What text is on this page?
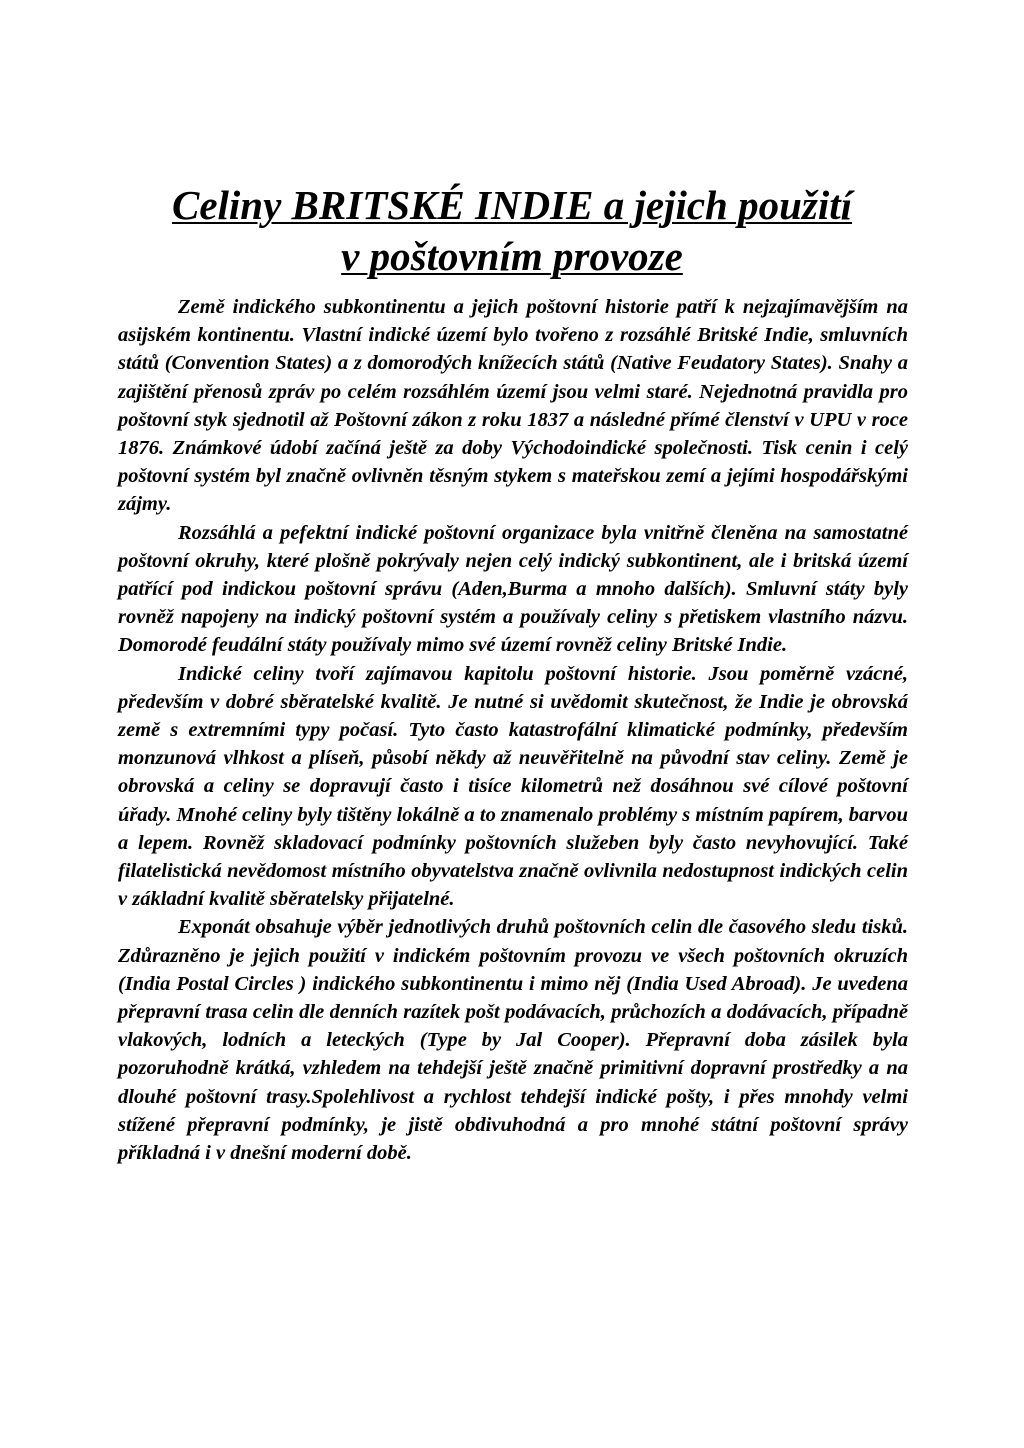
Celiny BRITSKÉ INDIE a jejich použití
v poštovním provoze

Země indického subkontinentu a jejich poštovní historie patří k nejzajímavějším na asijském kontinentu. Vlastní indické území bylo tvořeno z rozsáhlé Britské Indie, smluvních států (Convention States) a z domorodých knížecích států (Native Feudatory States). Snahy a zajištění přenosů zpráv po celém rozsáhlém území jsou velmi staré. Nejednotná pravidla pro poštovní styk sjednotil až Poštovní zákon z roku 1837 a následné přímé členství v UPU v roce 1876. Známkové údobí začíná ještě za doby Východoindické společnosti. Tisk cenin i celý poštovní systém byl značně ovlivněn těsným stykem s mateřskou zemí a jejími hospodářskými zájmy.

Rozsáhlá a pefektní indické poštovní organizace byla vnitřně členěna na samostatné poštovní okruhy, které plošně pokrývaly nejen celý indický subkontinent, ale i britská území patřící pod indickou poštovní správu (Aden,Burma a mnoho dalších). Smluvní státy byly rovněž napojeny na indický poštovní systém a používaly celiny s přetiskem vlastního názvu. Domorodé feudální státy používaly mimo své území rovněž celiny Britské Indie.

Indické celiny tvoří zajímavou kapitolu poštovní historie. Jsou poměrně vzácné, především v dobré sběratelské kvalitě. Je nutné si uvědomit skutečnost, že Indie je obrovská země s extremními typy počasí. Tyto často katastrofální klimatické podmínky, především monzunová vlhkost a plíseň, působí někdy až neuvěřitelně na původní stav celiny. Země je obrovská a celiny se dopravují často i tisíce kilometrů než dosáhnou své cílové poštovní úřady. Mnohé celiny byly tištěny lokálně a to znamenalo problémy s místním papírem, barvou a lepem. Rovněž skladovací podmínky poštovních služeben byly často nevyhovující. Také filatelistická nevědomost místního obyvatelstva značně ovlivnila nedostupnost indických celin v základní kvalitě sběratelsky přijatelné.

Exponát obsahuje výběr jednotlivých druhů poštovních celin dle časového sledu tisků. Zdůrazněno je jejich použití v indickém poštovním provozu ve všech poštovních okruzích (India Postal Circles ) indického subkontinentu i mimo něj (India Used Abroad). Je uvedena přepravní trasa celin dle denních razítek pošt podávacích, průchozích a dodávacích, případně vlakových, lodních a leteckých (Type by Jal Cooper). Přepravní doba zásilek byla pozoruhodně krátká, vzhledem na tehdejší ještě značně primitivní dopravní prostředky a na dlouhé poštovní trasy.Spolehlivost a rychlost tehdejší indické pošty, i přes mnohdy velmi stížené přepravní podmínky, je jistě obdivuhodná a pro mnohé státní poštovní správy příkladná i v dnešní moderní době.
